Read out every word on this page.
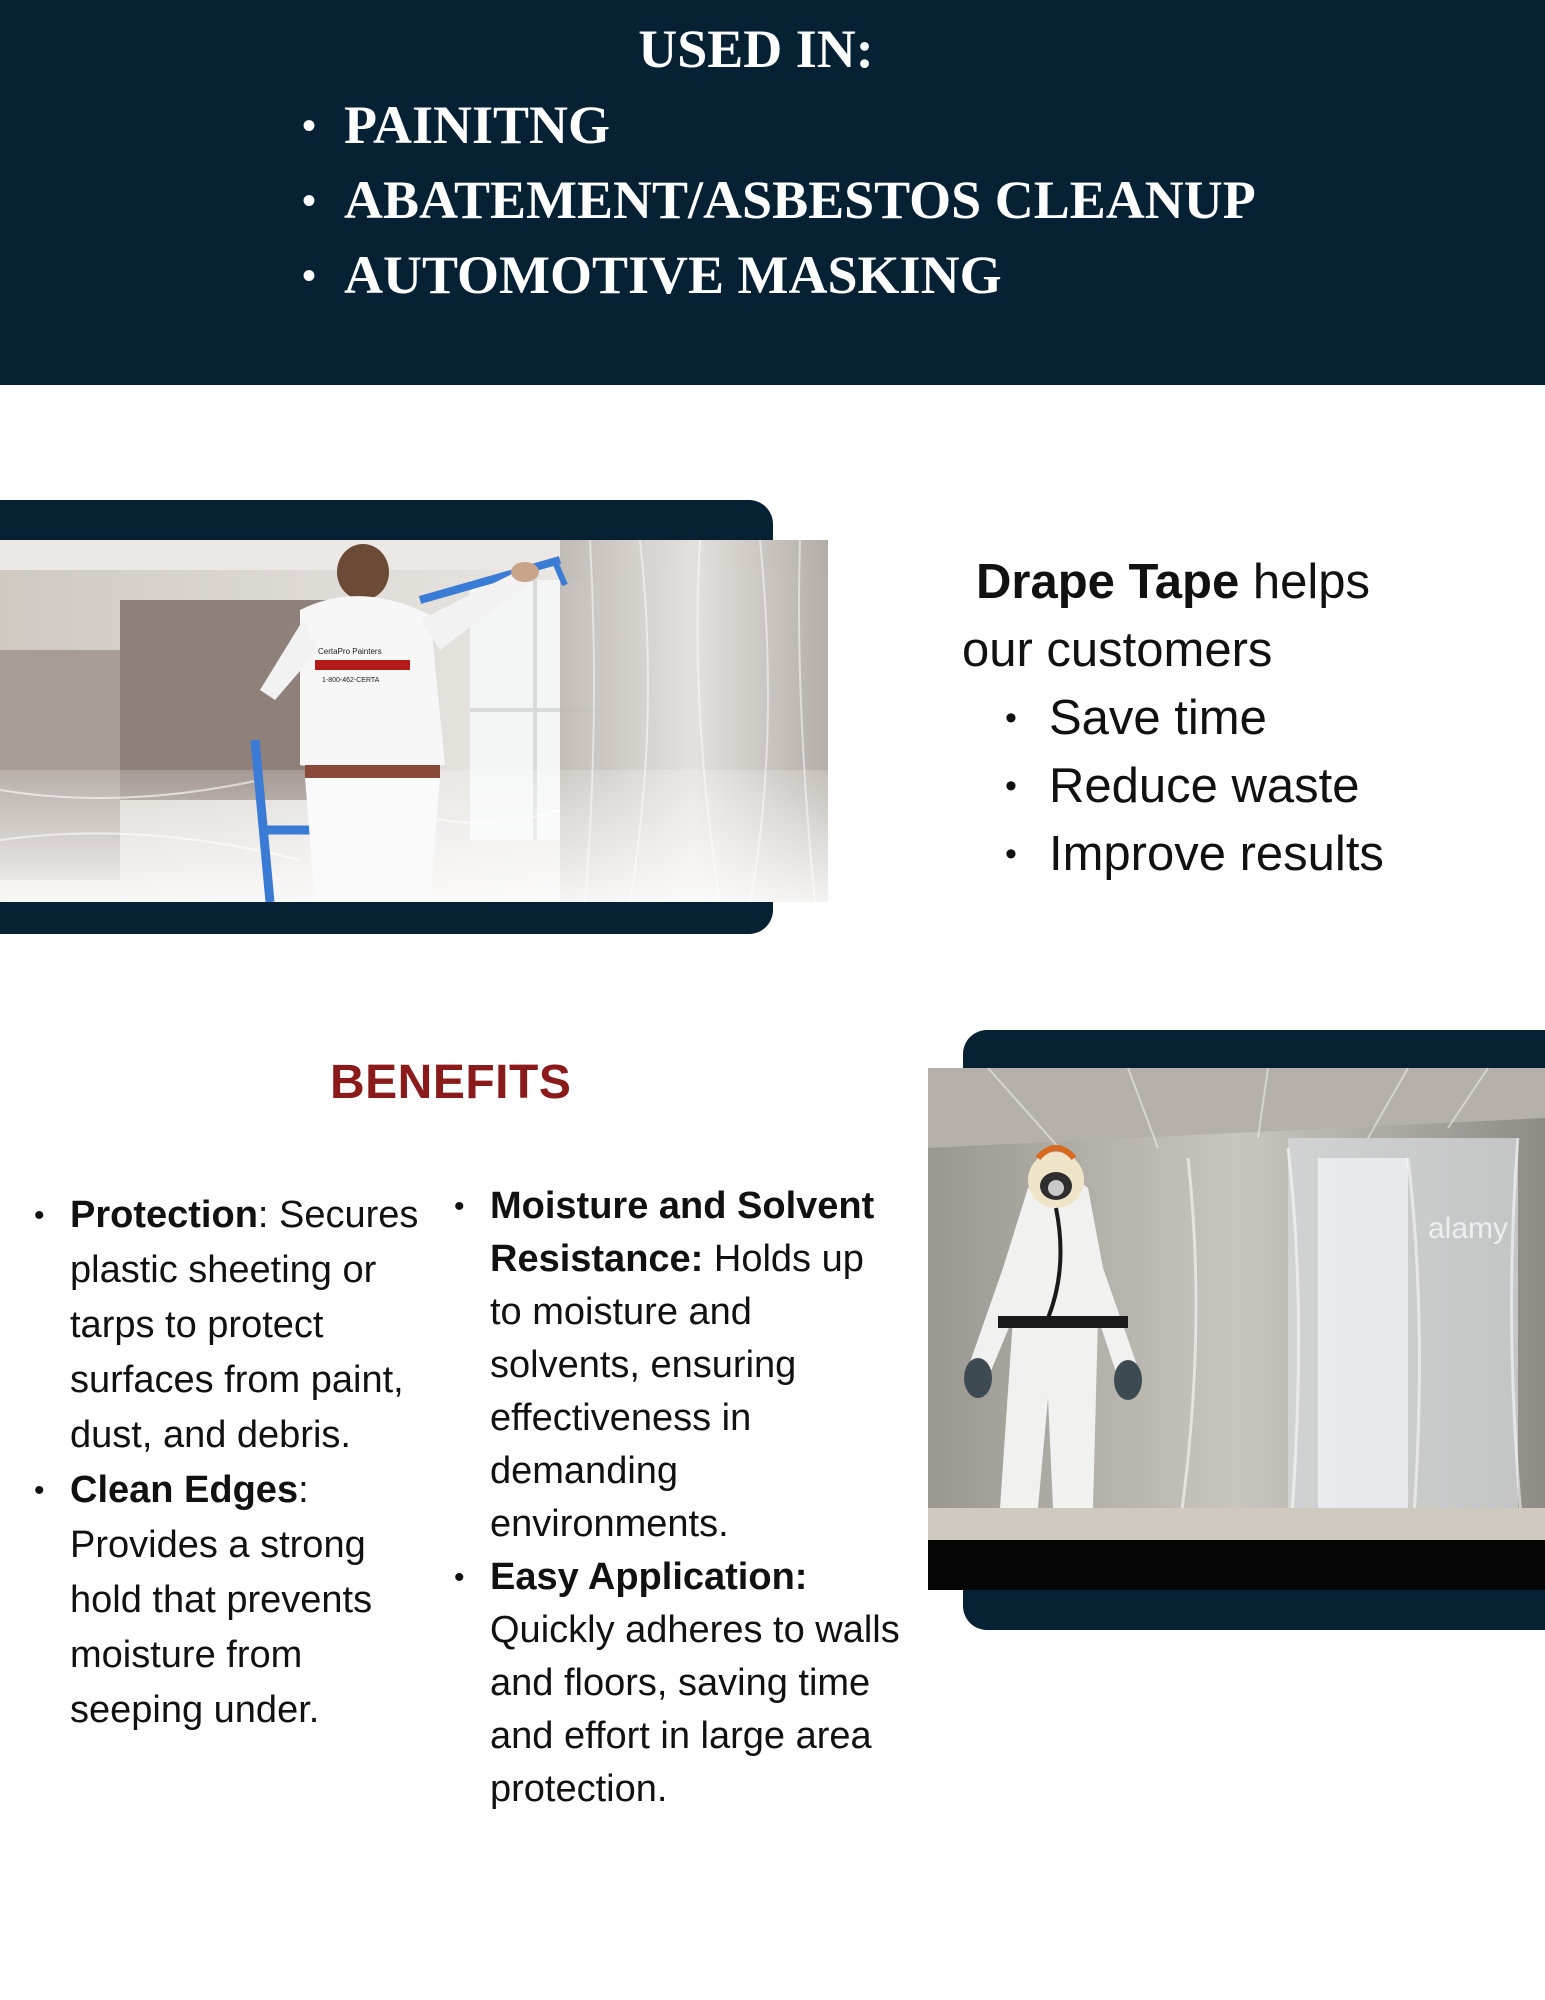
USED IN:
• PAINITNG
• ABATEMENT/ASBESTOS CLEANUP
• AUTOMOTIVE MASKING
CertaPro Painters
1-800-462-CERTA
Drape Tape helps
our customers
• Save time
• Reduce waste
• Improve results
BENEFITS
• Protection: Secures plastic sheeting or tarps to protect surfaces from paint, dust, and debris.
• Clean Edges: Provides a strong hold that prevents moisture from seeping under.
• Moisture and Solvent Resistance: Holds up to moisture and solvents, ensuring effectiveness in demanding environments.
• Easy Application: Quickly adheres to walls and floors, saving time and effort in large area protection.
alamy
